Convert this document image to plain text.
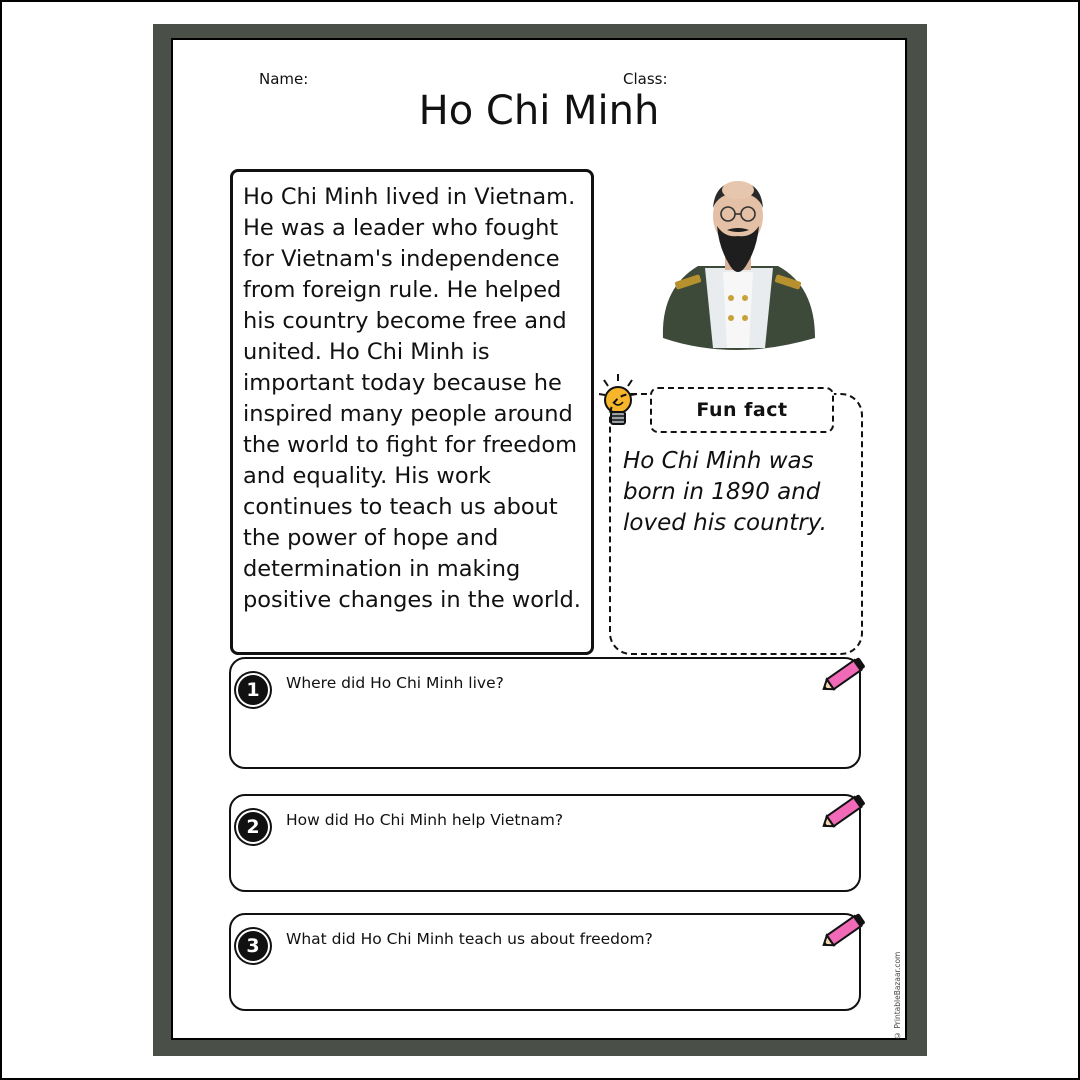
Name:	Class:
Ho Chi Minh
Ho Chi Minh lived in Vietnam. He was a leader who fought for Vietnam's independence from foreign rule. He helped his country become free and united. Ho Chi Minh is important today because he inspired many people around the world to fight for freedom and equality. His work continues to teach us about the power of hope and determination in making positive changes in the world.
Fun fact
Ho Chi Minh was born in 1890 and loved his country.
1	Where did Ho Chi Minh live?
2	How did Ho Chi Minh help Vietnam?
3	What did Ho Chi Minh teach us about freedom?
© PrintableBazaar.com
